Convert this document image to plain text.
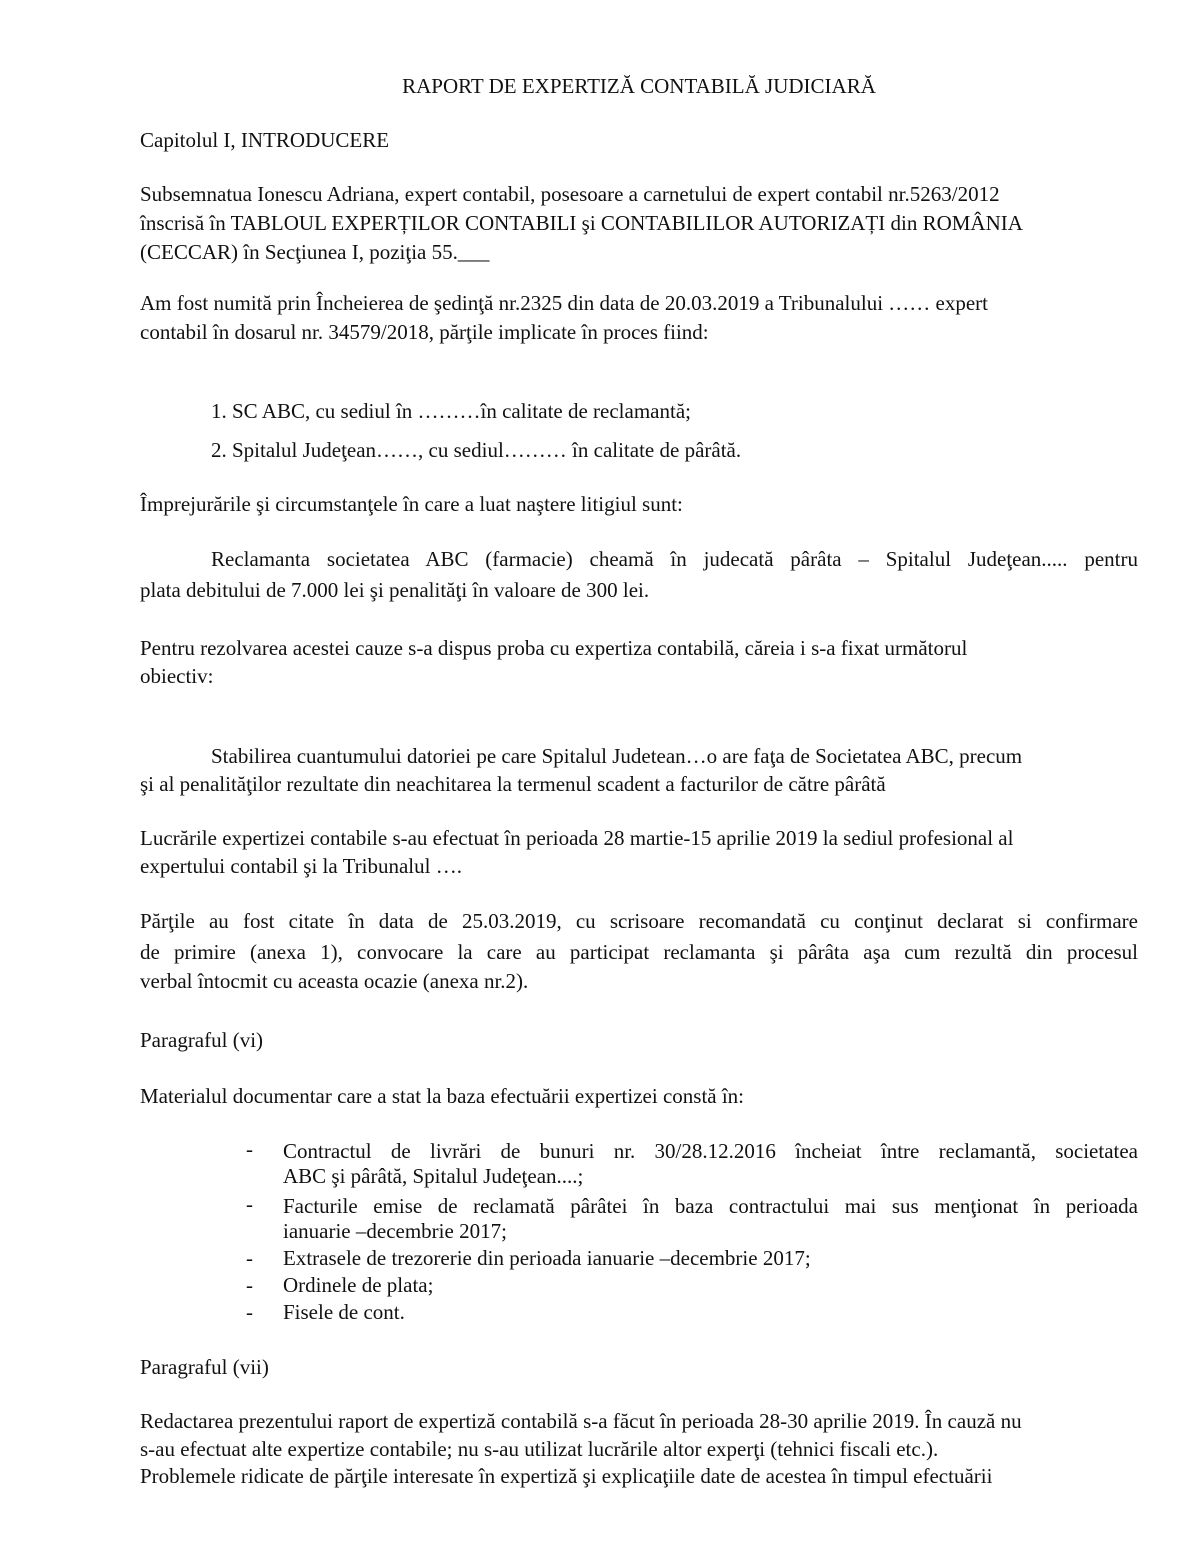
RAPORT DE EXPERTIZĂ CONTABILĂ JUDICIARĂ
Capitolul I, INTRODUCERE
Subsemnatua Ionescu Adriana, expert contabil, posesoare a carnetului de expert contabil nr.5263/2012
înscrisă în TABLOUL EXPERȚILOR CONTABILI şi CONTABILILOR AUTORIZAȚI din ROMÂNIA
(CECCAR) în Secţiunea I, poziţia 55.___
Am fost numită prin Încheierea de şedinţă nr.2325 din data de 20.03.2019 a Tribunalului …… expert
contabil în dosarul nr. 34579/2018, părţile implicate în proces fiind:
1. SC ABC, cu sediul în ………în calitate de reclamantă;
2. Spitalul Judeţean……, cu sediul……… în calitate de pârâtă.
Împrejurările şi circumstanţele în care a luat naştere litigiul sunt:
Reclamanta societatea ABC (farmacie) cheamă în judecată pârâta – Spitalul Judeţean..... pentru
plata debitului de 7.000 lei şi penalităţi în valoare de 300 lei.
Pentru rezolvarea acestei cauze s-a dispus proba cu expertiza contabilă, căreia i s-a fixat următorul
obiectiv:
Stabilirea cuantumului datoriei pe care Spitalul Judetean…o are faţa de Societatea ABC, precum
şi al penalităţilor rezultate din neachitarea la termenul scadent a facturilor de către pârâtă
Lucrările expertizei contabile s-au efectuat în perioada 28 martie-15 aprilie 2019 la sediul profesional al
expertului contabil şi la Tribunalul ….
Părţile au fost citate în data de 25.03.2019, cu scrisoare recomandată cu conţinut declarat si confirmare
de primire (anexa 1), convocare la care au participat reclamanta şi pârâta aşa cum rezultă din procesul
verbal întocmit cu aceasta ocazie (anexa nr.2).
Paragraful (vi)
Materialul documentar care a stat la baza efectuării expertizei constă în:
- Contractul de livrări de bunuri nr. 30/28.12.2016 încheiat între reclamantă, societatea
ABC şi pârâtă, Spitalul Judeţean....;
- Facturile emise de reclamată pârâtei în baza contractului mai sus menţionat în perioada
ianuarie –decembrie 2017;
- Extrasele de trezorerie din perioada ianuarie –decembrie 2017;
- Ordinele de plata;
- Fisele de cont.
Paragraful (vii)
Redactarea prezentului raport de expertiză contabilă s-a făcut în perioada 28-30 aprilie 2019. În cauză nu
s-au efectuat alte expertize contabile; nu s-au utilizat lucrările altor experţi (tehnici fiscali etc.).
Problemele ridicate de părţile interesate în expertiză şi explicaţiile date de acestea în timpul efectuării
